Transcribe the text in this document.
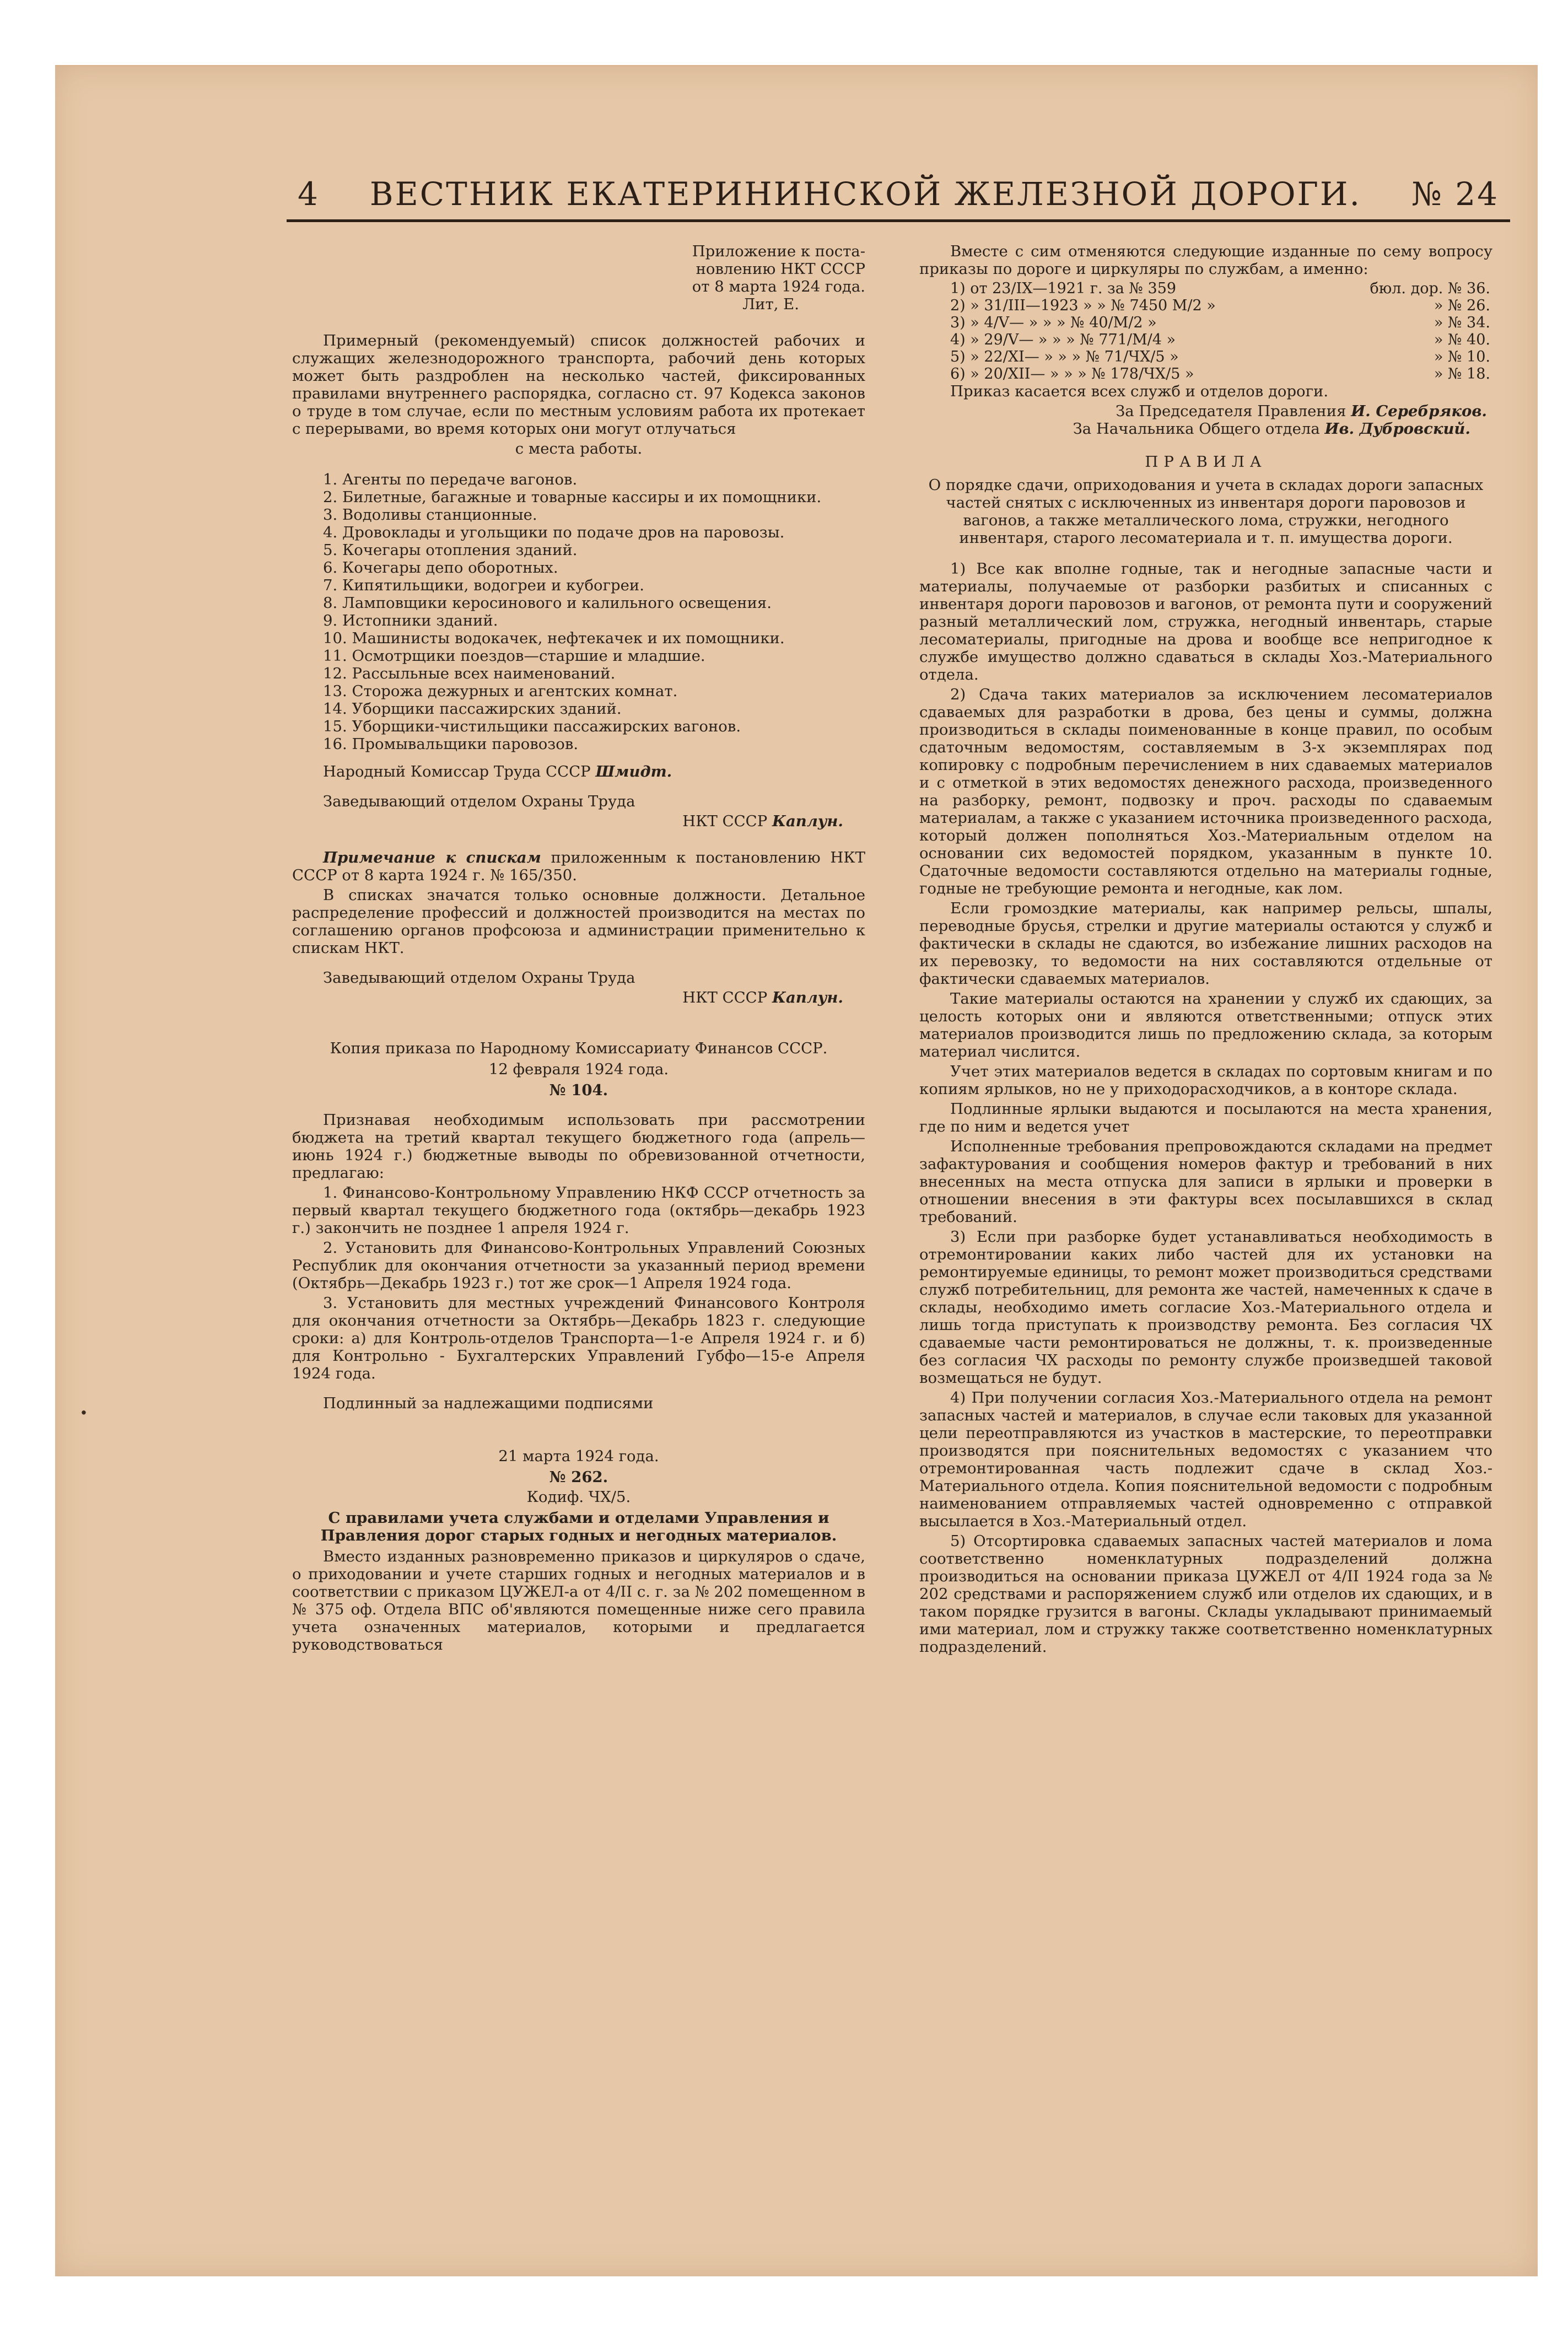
4 ВЕСТНИК ЕКАТЕРИНИНСКОЙ ЖЕЛЕЗНОЙ ДОРОГИ. № 24
·
Приложение к поста-
новлению НКТ СССР
от 8 марта 1924 года.
Лит, Е.

Примерный (рекомендуемый) список должностей рабочих и служащих железнодорожного транспорта, рабочий день которых может быть раздроблен на несколько частей, фиксированных правилами внутреннего распорядка, согласно ст. 97 Кодекса законов о труде в том случае, если по местным условиям работа их протекает с перерывами, во время которых они могут отлучаться

с места работы.

1. Агенты по передаче вагонов.

2. Билетные, багажные и товарные кассиры и их помощники.

3. Водоливы станционные.

4. Дровоклады и угольщики по подаче дров на паровозы.

5. Кочегары отопления зданий.

6. Кочегары депо оборотных.

7. Кипятильщики, водогреи и кубогреи.

8. Ламповщики керосинового и калильного освещения.

9. Истопники зданий.

10. Машинисты водокачек, нефтекачек и их помощники.

11. Осмотрщики поездов—старшие и младшие.

12. Рассыльные всех наименований.

13. Сторожа дежурных и агентских комнат.

14. Уборщики пассажирских зданий.

15. Уборщики-чистильщики пассажирских вагонов.

16. Промывальщики паровозов.

Народный Комиссар Труда СССР Шмидт.

Заведывающий отделом Охраны Труда

НКТ СССР Каплун.

Примечание к спискам приложенным к постановлению НКТ СССР от 8 карта 1924 г. № 165/350.

В списках значатся только основные должности. Детальное распределение профессий и должностей производится на местах по соглашению органов профсоюза и администрации применительно к спискам НКТ.

Заведывающий отделом Охраны Труда

НКТ СССР Каплун.
Копия приказа по Народному Комиссариату Финансов СССР.
12 февраля 1924 года.
№ 104.

Признавая необходимым использовать при рассмотрении бюджета на третий квартал текущего бюджетного года (апрель—июнь 1924 г.) бюджетные выводы по обревизованной отчетности, предлагаю:

1. Финансово-Контрольному Управлению НКФ СССР отчетность за первый квартал текущего бюджетного года (октябрь—декабрь 1923 г.) закончить не позднее 1 апреля 1924 г.

2. Установить для Финансово-Контрольных Управлений Союзных Республик для окончания отчетности за указанный период времени (Октябрь—Декабрь 1923 г.) тот же срок—1 Апреля 1924 года.

3. Установить для местных учреждений Финансового Контроля для окончания отчетности за Октябрь—Декабрь 1823 г. следующие сроки: а) для Контроль-отделов Транспорта—1-е Апреля 1924 г. и б) для Контрольно - Бухгалтерских Управлений Губфо—15-е Апреля 1924 года.

Подлинный за надлежащими подписями

21 марта 1924 года.
№ 262.
Кодиф. ЧХ/5.
С правилами учета службами и отделами Управления и Правления дорог старых годных и негодных материалов.

Вместо изданных разновременно приказов и циркуляров о сдаче, о приходовании и учете старших годных и негодных материалов и в соответствии с приказом ЦУЖЕЛ-а от 4/II с. г. за № 202 помещенном в № 375 оф. Отдела ВПС об'являются помещенные ниже сего правила учета означенных материалов, которыми и предлагается руководствоваться

Вместе с сим отменяются следующие изданные по сему вопросу приказы по дороге и циркуляры по службам, а именно:

1) от 23/IX—1921 г. за № 359	бюл. дор. № 36.
2) » 31/III—1923 » » № 7450 М/2 »	» № 26.
3) » 4/V— » » » № 40/М/2 »	» № 34.
4) » 29/V— » » » № 771/М/4 »	» № 40.
5) » 22/XI— » » » № 71/ЧХ/5 »	» № 10.
6) » 20/XII— » » » № 178/ЧХ/5 »	» № 18.

Приказ касается всех служб и отделов дороги.

За Председателя Правления И. Серебряков.
За Начальника Общего отдела Ив. Дубровский.
ПРАВИЛА
О порядке сдачи, оприходования и учета в складах дороги запасных частей снятых с исключенных из инвентаря дороги паровозов и вагонов, а также металлического лома, стружки, негодного инвентаря, старого лесоматериала и т. п. имущества дороги.

1) Все как вполне годные, так и негодные запасные части и материалы, получаемые от разборки разбитых и списанных с инвентаря дороги паровозов и вагонов, от ремонта пути и сооружений разный металлический лом, стружка, негодный инвентарь, старые лесоматериалы, пригодные на дрова и вообще все непригодное к службе имущество должно сдаваться в склады Хоз.-Материального отдела.

2) Сдача таких материалов за исключением лесоматериалов сдаваемых для разработки в дрова, без цены и суммы, должна производиться в склады поименованные в конце правил, по особым сдаточным ведомостям, составляемым в 3-х экземплярах под копировку с подробным перечислением в них сдаваемых материалов и с отметкой в этих ведомостях денежного расхода, произведенного на разборку, ремонт, подвозку и проч. расходы по сдаваемым материалам, а также с указанием источника произведенного расхода, который должен пополняться Хоз.-Материальным отделом на основании сих ведомостей порядком, указанным в пункте 10. Сдаточные ведомости составляются отдельно на материалы годные, годные не требующие ремонта и негодные, как лом.

Если громоздкие материалы, как например рельсы, шпалы, переводные брусья, стрелки и другие материалы остаются у служб и фактически в склады не сдаются, во избежание лишних расходов на их перевозку, то ведомости на них составляются отдельные от фактически сдаваемых материалов.

Такие материалы остаются на хранении у служб их сдающих, за целость которых они и являются ответственными; отпуск этих материалов производится лишь по предложению склада, за которым материал числится.

Учет этих материалов ведется в складах по сортовым книгам и по копиям ярлыков, но не у приходорасходчиков, а в конторе склада.

Подлинные ярлыки выдаются и посылаются на места хранения, где по ним и ведется учет

Исполненные требования препровождаются складами на предмет зафактурования и сообщения номеров фактур и требований в них внесенных на места отпуска для записи в ярлыки и проверки в отношении внесения в эти фактуры всех посылавшихся в склад требований.

3) Если при разборке будет устанавливаться необходимость в отремонтировании каких либо частей для их установки на ремонтируемые единицы, то ремонт может производиться средствами служб потребительниц, для ремонта же частей, намеченных к сдаче в склады, необходимо иметь согласие Хоз.-Материального отдела и лишь тогда приступать к производству ремонта. Без согласия ЧХ сдаваемые части ремонтироваться не должны, т. к. произведенные без согласия ЧХ расходы по ремонту службе произведшей таковой возмещаться не будут.

4) При получении согласия Хоз.-Материального отдела на ремонт запасных частей и материалов, в случае если таковых для указанной цели переотправляются из участков в мастерские, то переотправки производятся при пояснительных ведомостях с указанием что отремонтированная часть подлежит сдаче в склад Хоз.-Материального отдела. Копия пояснительной ведомости с подробным наименованием отправляемых частей одновременно с отправкой высылается в Хоз.-Материальный отдел.

5) Отсортировка сдаваемых запасных частей материалов и лома соответственно номенклатурных подразделений должна производиться на основании приказа ЦУЖЕЛ от 4/II 1924 года за № 202 средствами и распоряжением служб или отделов их сдающих, и в таком порядке грузится в вагоны. Склады укладывают принимаемый ими материал, лом и стружку также соответственно номенклатурных подразделений.
